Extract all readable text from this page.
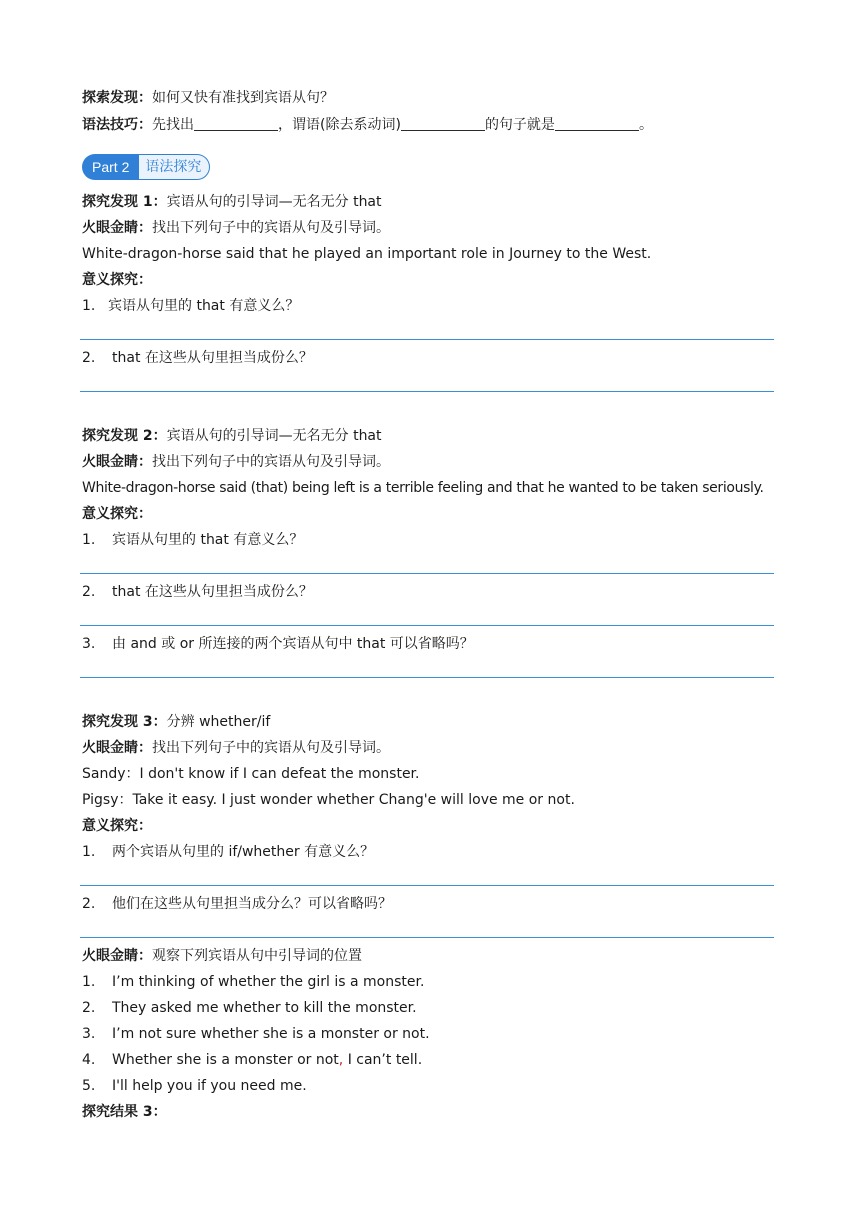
探索发现：如何又快有准找到宾语从句？
语法技巧：先找出	，谓语(除去系动词)	的句子就是	。
Part 2	语法探究
探究发现 1：宾语从句的引导词—无名无分 that
火眼金睛：找出下列句子中的宾语从句及引导词。
White-dragon-horse said that he played an important role in Journey to the West.
意义探究：
1. 宾语从句里的 that 有意义么？
2. that 在这些从句里担当成份么？
探究发现 2：宾语从句的引导词—无名无分 that
火眼金睛：找出下列句子中的宾语从句及引导词。
White-dragon-horse said (that) being left is a terrible feeling and that he wanted to be taken seriously.
意义探究：
1. 宾语从句里的 that 有意义么？
2. that 在这些从句里担当成份么？
3. 由 and 或 or 所连接的两个宾语从句中 that 可以省略吗？
探究发现 3：分辨 whether/if
火眼金睛：找出下列句子中的宾语从句及引导词。
Sandy：I don't know if I can defeat the monster.
Pigsy：Take it easy. I just wonder whether Chang'e will love me or not.
意义探究：
1. 两个宾语从句里的 if/whether 有意义么？
2. 他们在这些从句里担当成分么？可以省略吗？
火眼金睛：观察下列宾语从句中引导词的位置
1. I’m thinking of whether the girl is a monster.
2. They asked me whether to kill the monster.
3. I’m not sure whether she is a monster or not.
4. Whether she is a monster or not, I can’t tell.
5. I'll help you if you need me.
探究结果 3：
